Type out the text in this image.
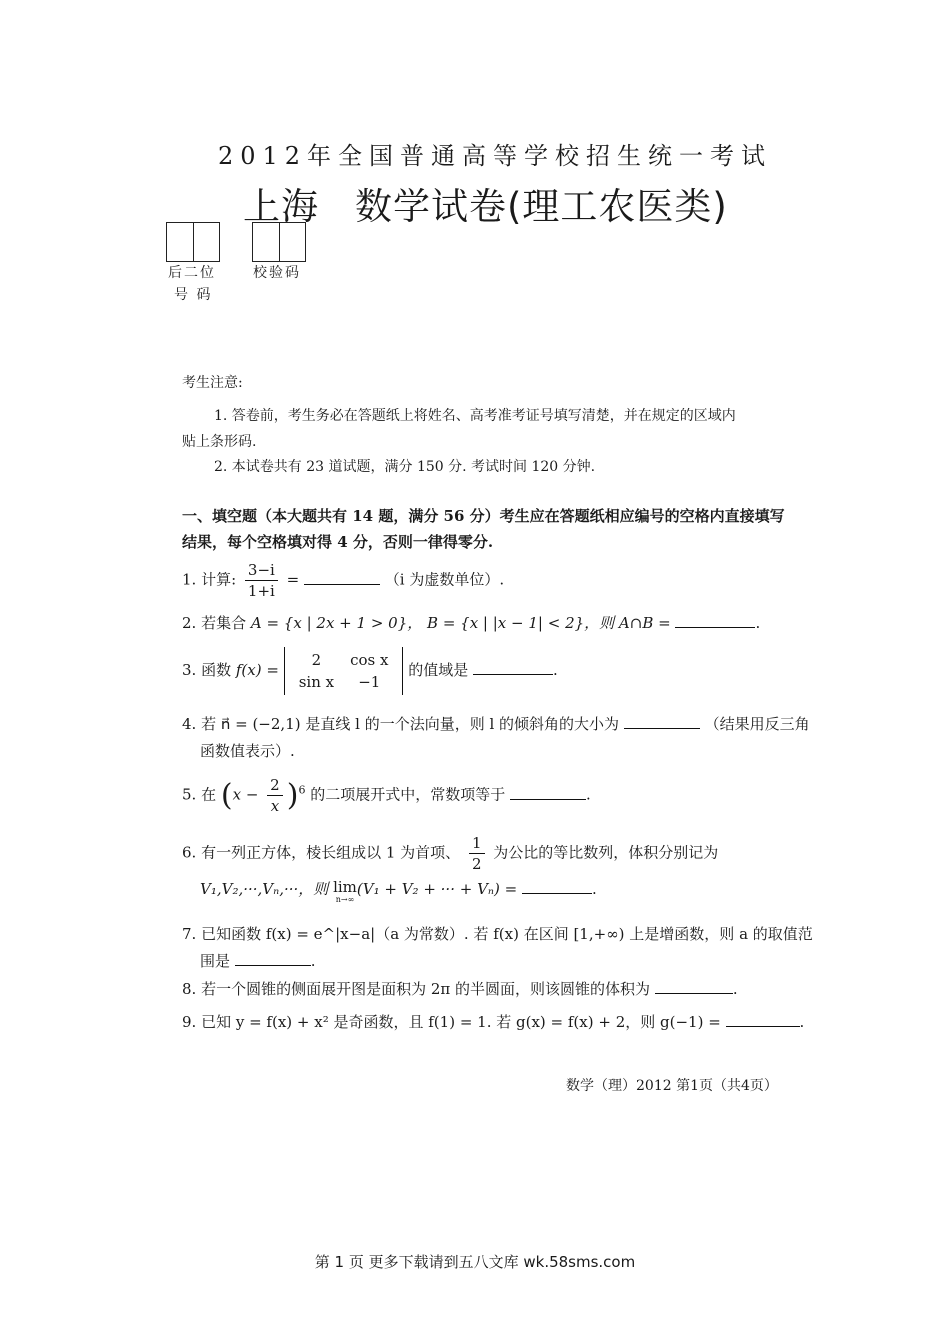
2012年全国普通高等学校招生统一考试
上海 数学试卷(理工农医类)
后二位
号 码
校验码
考生注意:
1. 答卷前，考生务必在答题纸上将姓名、高考准考证号填写清楚，并在规定的区域内
贴上条形码.
2. 本试卷共有 23 道试题，满分 150 分. 考试时间 120 分钟.
一、填空题（本大题共有 14 题，满分 56 分）考生应在答题纸相应编号的空格内直接填写
结果，每个空格填对得 4 分，否则一律得零分.
1. 计算: $\frac{3-i}{1+i}$ =	（i 为虚数单位）.
2. 若集合 A = {x | 2x + 1 > 0}， B = {x | |x − 1| < 2}，则 A∩B =	.
3. 函数 f(x) =
2	cos x
sin x	−1
的值域是	.
4. 若 n⃗ = (−2,1) 是直线 l 的一个法向量，则 l 的倾斜角的大小为	（结果用反三角
函数值表示）.
5. 在 $(x - \frac{2}{x} )^6$ 的二项展开式中，常数项等于	.
6. 有一列正方体，棱长组成以 1 为首项、 $\frac{1}{2}$ 为公比的等比数列，体积分别记为
V₁,V₂,···,Vₙ,···，则 lim
n→∞
(V₁ + V₂ + ··· + Vₙ) =	.
7. 已知函数 f(x) = e^|x−a|（a 为常数）. 若 f(x) 在区间 [1,+∞) 上是增函数，则 a 的取值范
围是	.
8. 若一个圆锥的侧面展开图是面积为 2π 的半圆面，则该圆锥的体积为	.
9. 已知 y = f(x) + x² 是奇函数，且 f(1) = 1. 若 g(x) = f(x) + 2，则 g(−1) =	.
数学（理）2012 第1页（共4页）
第 1 页 更多下载请到五八文库 wk.58sms.com
